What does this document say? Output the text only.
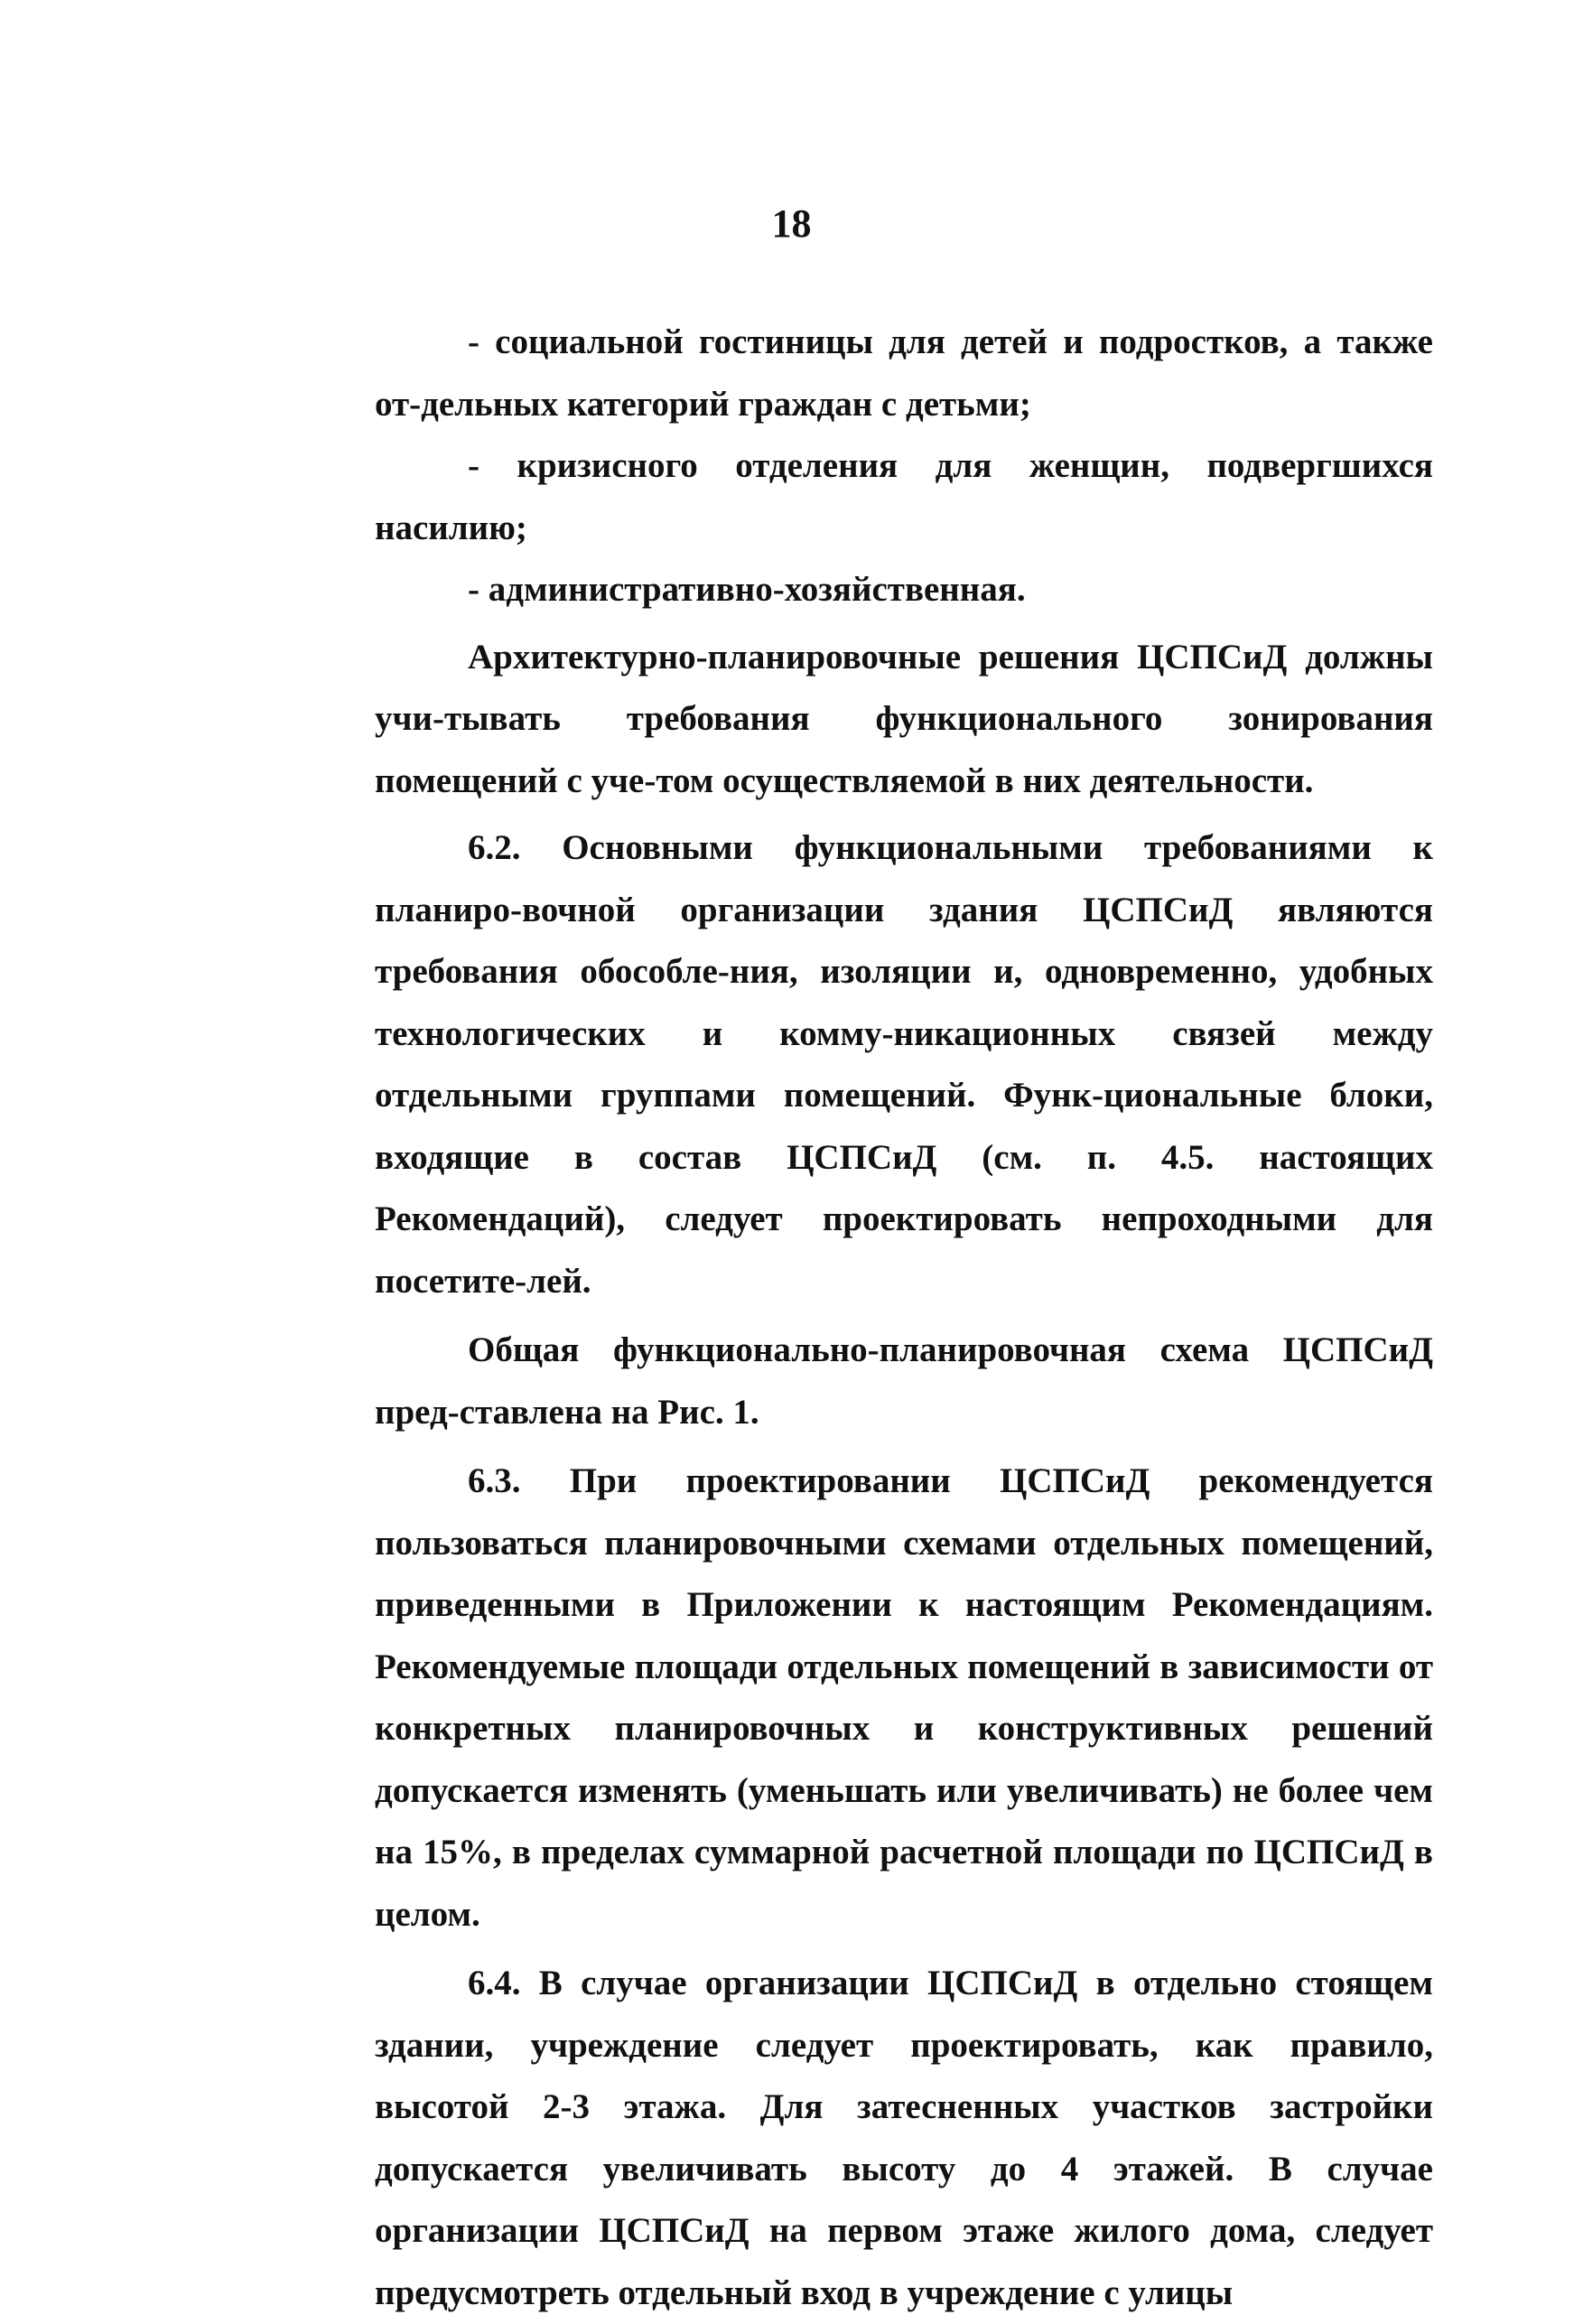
18

- социальной гостиницы для детей и подростков, а также от-дельных категорий граждан с детьми;

- кризисного отделения для женщин, подвергшихся насилию;

- административно-хозяйственная.

Архитектурно-планировочные решения ЦСПСиД должны учи-тывать требования функционального зонирования помещений с уче-том осуществляемой в них деятельности.

6.2. Основными функциональными требованиями к планиро-вочной организации здания ЦСПСиД являются требования обособле-ния, изоляции и, одновременно, удобных технологических и комму-никационных связей между отдельными группами помещений. Функ-циональные блоки, входящие в состав ЦСПСиД (см. п. 4.5. настоящих Рекомендаций), следует проектировать непроходными для посетите-лей.

Общая функционально-планировочная схема ЦСПСиД пред-ставлена на Рис. 1.

6.3. При проектировании ЦСПСиД рекомендуется пользоваться планировочными схемами отдельных помещений, приведенными в Приложении к настоящим Рекомендациям. Рекомендуемые площади отдельных помещений в зависимости от конкретных планировочных и конструктивных решений допускается изменять (уменьшать или увеличивать) не более чем на 15%, в пределах суммарной расчетной площади по ЦСПСиД в целом.

6.4. В случае организации ЦСПСиД в отдельно стоящем здании, учреждение следует проектировать, как правило, высотой 2-3 этажа. Для затесненных участков застройки допускается увеличивать высоту до 4 этажей. В случае организации ЦСПСиД на первом этаже жилого дома, следует предусмотреть отдельный вход в учреждение с улицы
